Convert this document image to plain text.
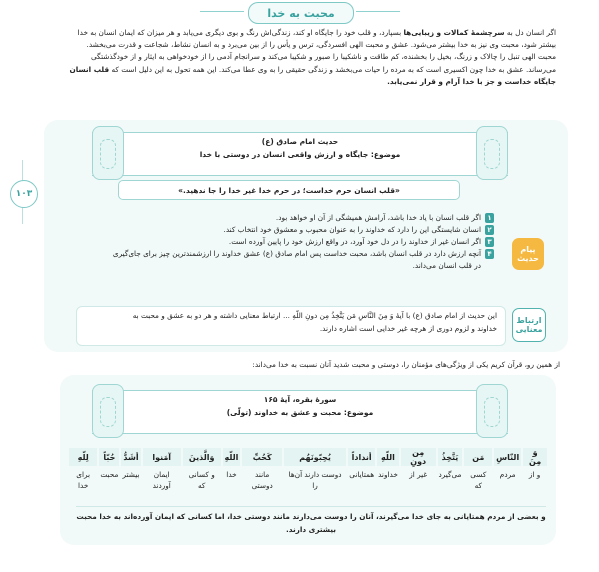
محبت به خدا
۱۰۳
اگر انسان دل به سرچشمهٔ کمالات و زیبایی‌ها بسپارد، و قلب خود را جایگاه او کند، زندگی‌اش رنگ و بوی دیگری می‌یابد و هر میزان که ایمان انسان به خدا
بیشتر شود، محبت وی نیز به خدا بیشتر می‌شود. عشق و محبت الهی افسردگی، ترس و یأس را از بین می‌برد و به انسان نشاط، شجاعت و قدرت می‌بخشد.
محبت الهی تنبل را چالاک و زرنگ، بخیل را بخشنده، کم طاقت و ناشکیبا را صبور و شکیبا می‌کند و سرانجام آدمی را از خودخواهی به ایثار و از خودگذشتگی
می‌رساند. عشق به خدا چون اکسیری است که به مرده را حیات می‌بخشد و زندگی حقیقی را به وی عطا می‌کند. این همه تحول به این دلیل است که قلب انسان
جایگاه خداست و جز با خدا آرام و قرار نمی‌یابد.
حدیث امام صادق (ع)
موضوع: جایگاه و ارزش واقعی انسان در دوستی با خدا
«قلب انسان حرم خداست؛ در حرم خدا غیر خدا را جا ندهید.»
پیام حدیث
۱
اگر قلب انسان با یاد خدا باشد، آرامش همیشگی از آن او خواهد بود.
۲
انسان شایستگی این را دارد که خداوند را به عنوان محبوب و معشوق خود انتخاب کند.
۳
اگر انسان غیر از خداوند را در دل خود آورد، در واقع ارزش خود را پایین آورده است.
۴
آنچه ارزش دارد در قلب انسان باشد، محبت خداست پس امام صادق (ع) عشق خداوند را ارزشمندترین چیز برای جای‌گیری
در قلب انسان می‌داند.
ارتباط معنایی
این حدیث از امام صادق (ع) با آیهٔ وَ مِنَ النَّاسِ مَن یَتَّخِذُ مِن دونِ اللّهِ ... ارتباط معنایی داشته و هر دو به عشق و محبت به
خداوند و لزوم دوری از هرچه غیر خدایی است اشاره دارند.
از همین رو، قرآن کریم یکی از ویژگی‌های مؤمنان را، دوستی و محبت شدید آنان نسبت به خدا می‌داند:
سورهٔ بقره، آیهٔ ۱۶۵
موضوع: محبت و عشق به خداوند (تولّی)
وَ مِنَ	النّاسِ	مَن	یَتَّخِذُ	مِن دونِ	اللّهِ	أنداداً	یُحِبّونَهُم	کَحُبِّ	اللّهِ	وَالَّذینَ	آمَنوا	أشَدُّ	حُبّاً	لِلّهِ
و از	مردم	کسی که	می‌گیرد	غیر از	خداوند	همتایانی	دوست دارند آن‌ها را	مانند دوستی	خدا	و کسانی که	ایمان آوردند	بیشتر	محبت	برای خدا
و بعضی از مردم همتایانی به جای خدا می‌گیرند، آنان را دوست می‌دارند مانند دوستی خدا، اما کسانی که ایمان آورده‌اند به خدا محبت
بیشتری دارند.
